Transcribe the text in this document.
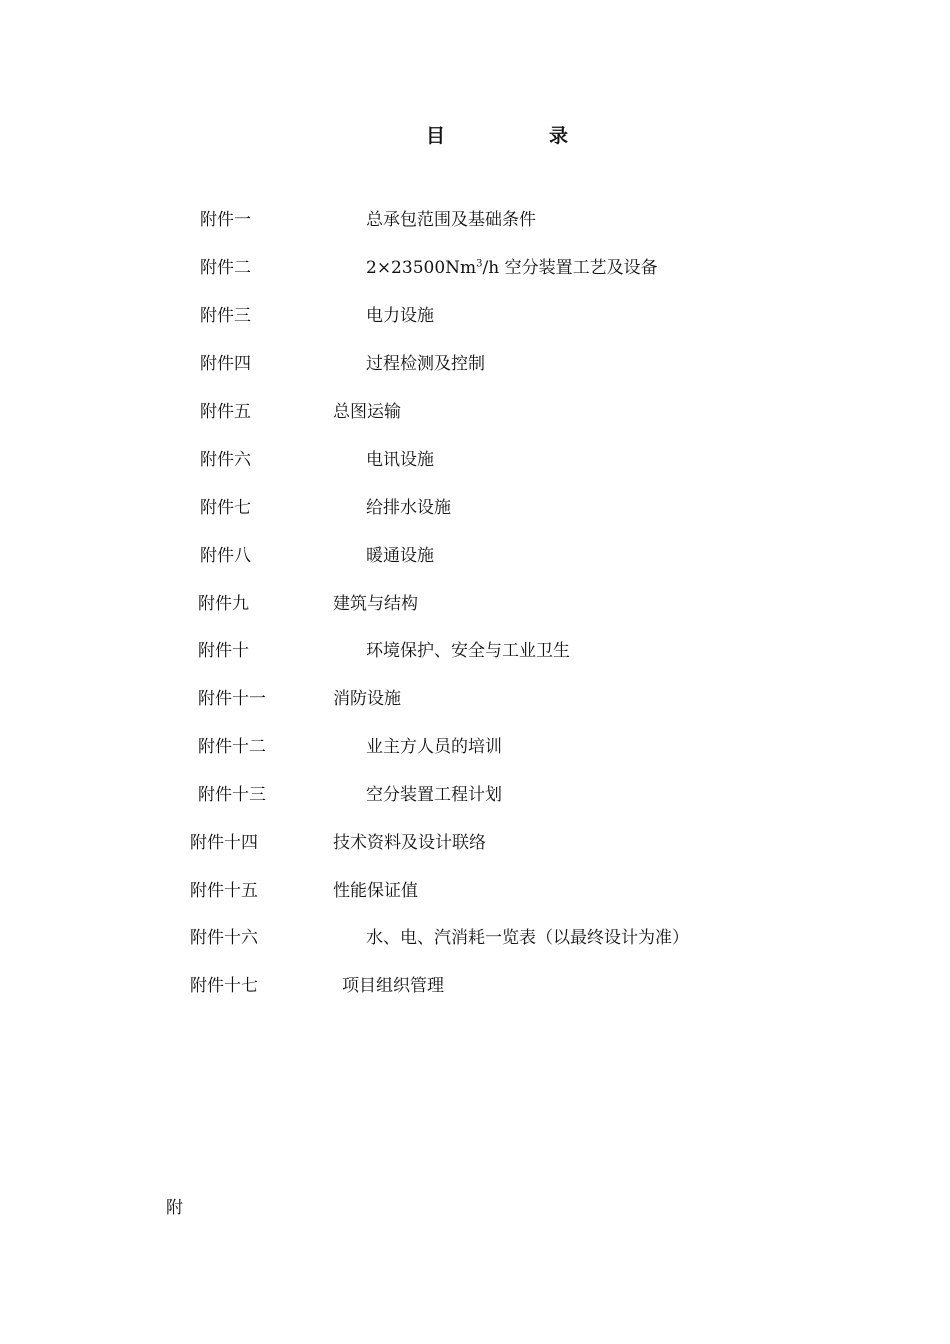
目	录
附件一	总承包范围及基础条件
附件二	$2\times 23500Nm^3/h$ 空分装置工艺及设备
附件三	电力设施
附件四	过程检测及控制
附件五	总图运输
附件六	电讯设施
附件七	给排水设施
附件八	暖通设施
附件九	建筑与结构
附件十	环境保护、安全与工业卫生
附件十一	消防设施
附件十二	业主方人员的培训
附件十三	空分装置工程计划
附件十四	技术资料及设计联络
附件十五	性能保证值
附件十六	水、电、汽消耗一览表（以最终设计为准）
附件十七	项目组织管理
附
